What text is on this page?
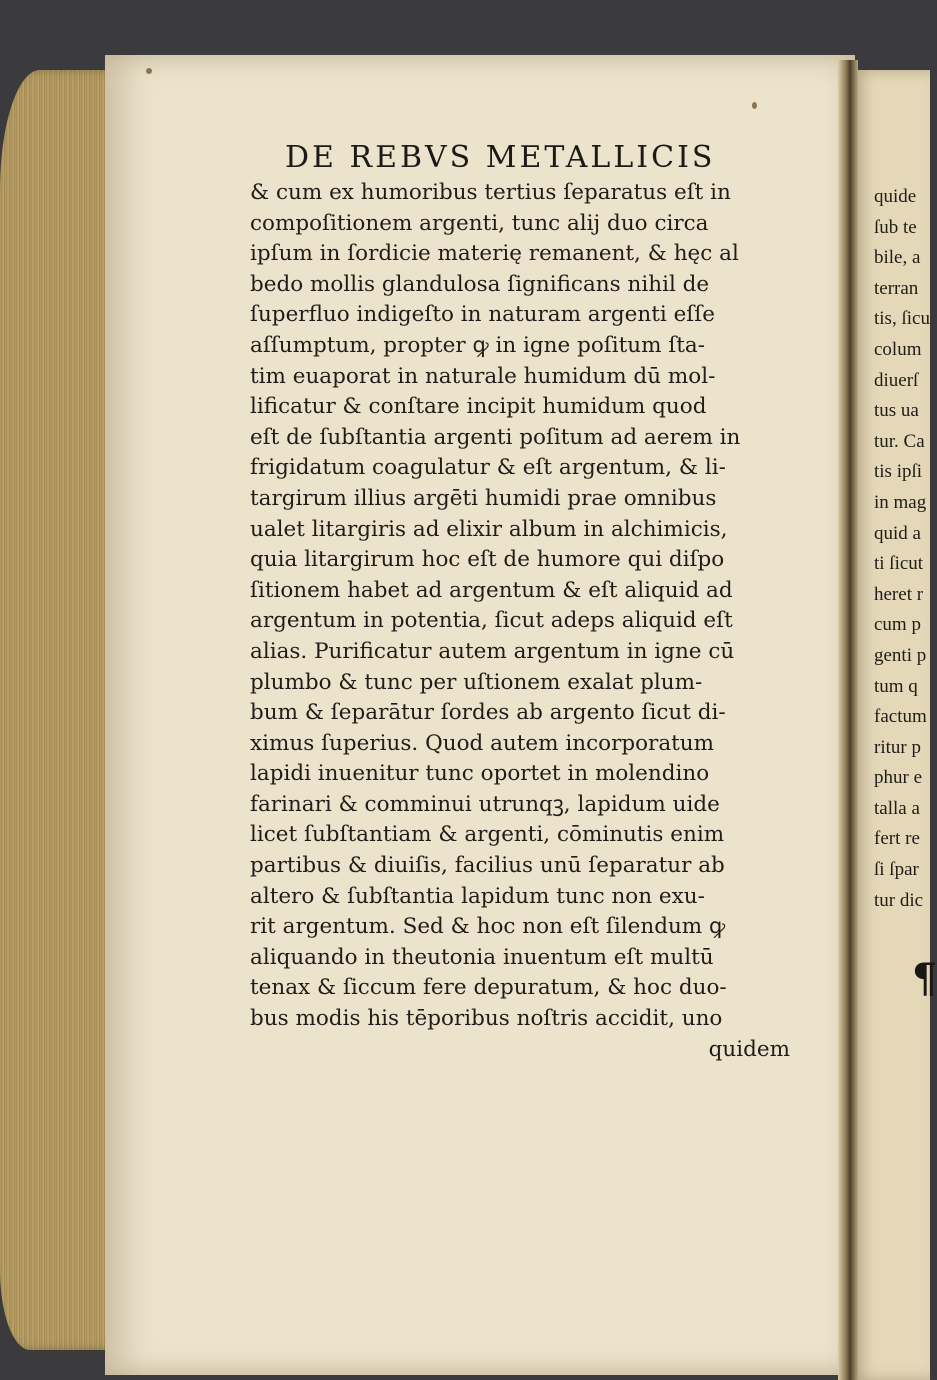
DE REBVS METALLICIS
& cum ex humoribus tertius ſeparatus eſt in
compoſitionem argenti, tunc alij duo circa
ipſum in ſordicie materię remanent, & hęc al
bedo mollis glandulosa ſignificans nihil de
ſuperfluo indigeſto in naturam argenti eſſe
aſſumptum, propter ꝙ in igne poſitum ſta-
tim euaporat in naturale humidum dū mol-
lificatur & conſtare incipit humidum quod
eſt de ſubſtantia argenti poſitum ad aerem in
frigidatum coagulatur & eſt argentum, & li-
targirum illius argēti humidi prae omnibus
ualet litargiris ad elixir album in alchimicis,
quia litargirum hoc eſt de humore qui diſpo
ſitionem habet ad argentum & eſt aliquid ad
argentum in potentia, ſicut adeps aliquid eſt
alias. Purificatur autem argentum in igne cū
plumbo & tunc per uſtionem exalat plum-
bum & ſeparātur ſordes ab argento ſicut di-
ximus ſuperius. Quod autem incorporatum
lapidi inuenitur tunc oportet in molendino
farinari & comminui utrunqꝫ, lapidum uide
licet ſubſtantiam & argenti, cōminutis enim
partibus & diuiſis, facilius unū ſeparatur ab
altero & ſubſtantia lapidum tunc non exu-
rit argentum. Sed & hoc non eſt ſilendum ꝙ
aliquando in theutonia inuentum eſt multū
tenax & ſiccum fere depuratum, & hoc duo-
bus modis his tēporibus noſtris accidit, uno
quidem
quide
ſub te
bile, a
terran
tis, ſicu
colum
diuerſ
tus ua
tur. Ca
tis ipſi
in mag
quid a
ti ſicut
heret r
cum p
genti p
tum q
factum
ritur p
phur e
talla a
fert re
ſi ſpar
tur dic
¶
